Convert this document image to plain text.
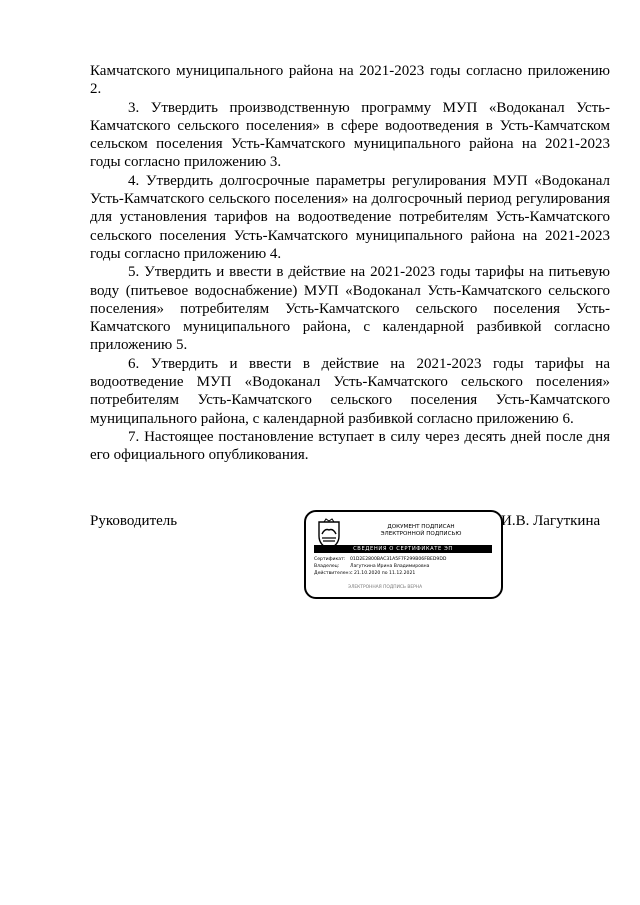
Камчатского муниципального района на 2021-2023 годы согласно приложению 2.

3. Утвердить производственную программу МУП «Водоканал Усть-Камчатского сельского поселения» в сфере водоотведения в Усть-Камчатском сельском поселения Усть-Камчатского муниципального района на 2021-2023 годы согласно приложению 3.

4. Утвердить долгосрочные параметры регулирования МУП «Водоканал Усть-Камчатского сельского поселения» на долгосрочный период регулирования для установления тарифов на водоотведение потребителям Усть-Камчатского сельского поселения Усть-Камчатского муниципального района на 2021-2023 годы согласно приложению 4.

5. Утвердить и ввести в действие на 2021-2023 годы тарифы на питьевую воду (питьевое водоснабжение) МУП «Водоканал Усть-Камчатского сельского поселения» потребителям Усть-Камчатского сельского поселения Усть-Камчатского муниципального района, с календарной разбивкой согласно приложению 5.

6. Утвердить и ввести в действие на 2021-2023 годы тарифы на водоотведение МУП «Водоканал Усть-Камчатского сельского поселения» потребителям Усть-Камчатского сельского поселения Усть-Камчатского муниципального района, с календарной разбивкой согласно приложению 6.

7. Настоящее постановление вступает в силу через десять дней после дня его официального опубликования.

Руководитель	ДОКУМЕНТ ПОДПИСАН
ЭЛЕКТРОННОЙ ПОДПИСЬЮ
СВЕДЕНИЯ О СЕРТИФИКАТЕ ЭП
Сертификат:	01D2E2800BAC31A5F7F299B06FBED9DD
Владелец:	Лагуткина Ирина Владимировна
Действителен: с 21.10.2020 по 11.12.2021
ЭЛЕКТРОННАЯ ПОДПИСЬ ВЕРНА
И.В. Лагуткина
